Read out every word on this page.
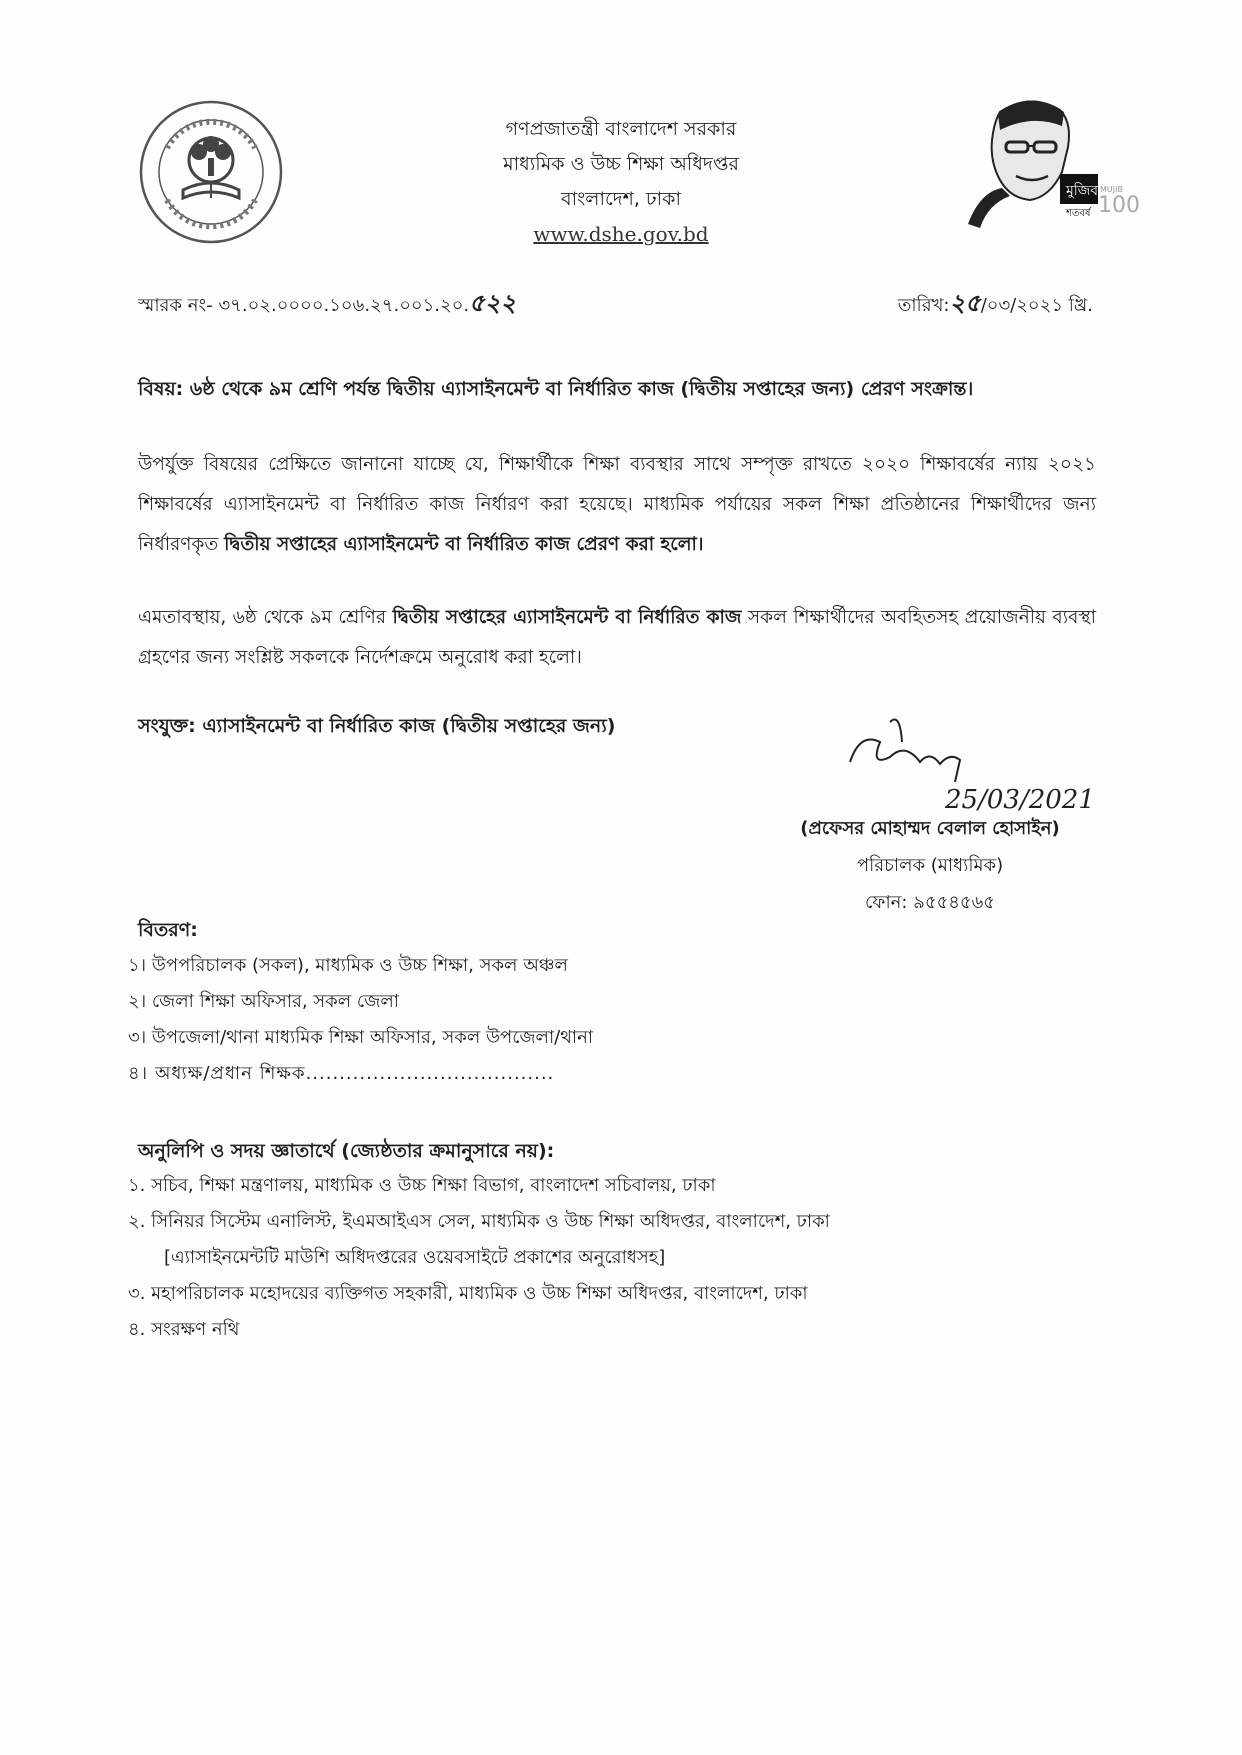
গণপ্রজাতন্ত্রী বাংলাদেশ সরকার
মাধ্যমিক ও উচ্চ শিক্ষা অধিদপ্তর
বাংলাদেশ, ঢাকা
www.dshe.gov.bd
মুজিব MUJIB
100
শতবর্ষ
স্মারক নং- ৩৭.০২.০০০০.১০৬.২৭.০০১.২০.৫২২	তারিখ:২৫/০৩/২০২১ খ্রি.
বিষয়: ৬ষ্ঠ থেকে ৯ম শ্রেণি পর্যন্ত দ্বিতীয় এ্যাসাইনমেন্ট বা নির্ধারিত কাজ (দ্বিতীয় সপ্তাহের জন্য) প্রেরণ সংক্রান্ত।
উপর্যুক্ত বিষয়ের প্রেক্ষিতে জানানো যাচ্ছে যে, শিক্ষার্থীকে শিক্ষা ব্যবস্থার সাথে সম্পৃক্ত রাখতে ২০২০ শিক্ষাবর্ষের ন্যায় ২০২১ শিক্ষাবর্ষের এ্যাসাইনমেন্ট বা নির্ধারিত কাজ নির্ধারণ করা হয়েছে। মাধ্যমিক পর্যায়ের সকল শিক্ষা প্রতিষ্ঠানের শিক্ষার্থীদের জন্য নির্ধারণকৃত দ্বিতীয় সপ্তাহের এ্যাসাইনমেন্ট বা নির্ধারিত কাজ প্রেরণ করা হলো।
এমতাবস্থায়, ৬ষ্ঠ থেকে ৯ম শ্রেণির দ্বিতীয় সপ্তাহের এ্যাসাইনমেন্ট বা নির্ধারিত কাজ সকল শিক্ষার্থীদের অবহিতসহ প্রয়োজনীয় ব্যবস্থা গ্রহণের জন্য সংশ্লিষ্ট সকলকে নির্দেশক্রমে অনুরোধ করা হলো।
সংযুক্ত: এ্যাসাইনমেন্ট বা নির্ধারিত কাজ (দ্বিতীয় সপ্তাহের জন্য)
25/03/2021
(প্রফেসর মোহাম্মদ বেলাল হোসাইন)
পরিচালক (মাধ্যমিক)
ফোন: ৯৫৫৪৫৬৫
বিতরণ:
১। উপপরিচালক (সকল), মাধ্যমিক ও উচ্চ শিক্ষা, সকল অঞ্চল
২। জেলা শিক্ষা অফিসার, সকল জেলা
৩। উপজেলা/থানা মাধ্যমিক শিক্ষা অফিসার, সকল উপজেলা/থানা
৪। অধ্যক্ষ/প্রধান শিক্ষক.....................................
অনুলিপি ও সদয় জ্ঞাতার্থে (জ্যেষ্ঠতার ক্রমানুসারে নয়):
১. সচিব, শিক্ষা মন্ত্রণালয়, মাধ্যমিক ও উচ্চ শিক্ষা বিভাগ, বাংলাদেশ সচিবালয়, ঢাকা
২. সিনিয়র সিস্টেম এনালিস্ট, ইএমআইএস সেল, মাধ্যমিক ও উচ্চ শিক্ষা অধিদপ্তর, বাংলাদেশ, ঢাকা
[এ্যাসাইনমেন্টটি মাউশি অধিদপ্তরের ওয়েবসাইটে প্রকাশের অনুরোধসহ]
৩. মহাপরিচালক মহোদয়ের ব্যক্তিগত সহকারী, মাধ্যমিক ও উচ্চ শিক্ষা অধিদপ্তর, বাংলাদেশ, ঢাকা
৪. সংরক্ষণ নথি
